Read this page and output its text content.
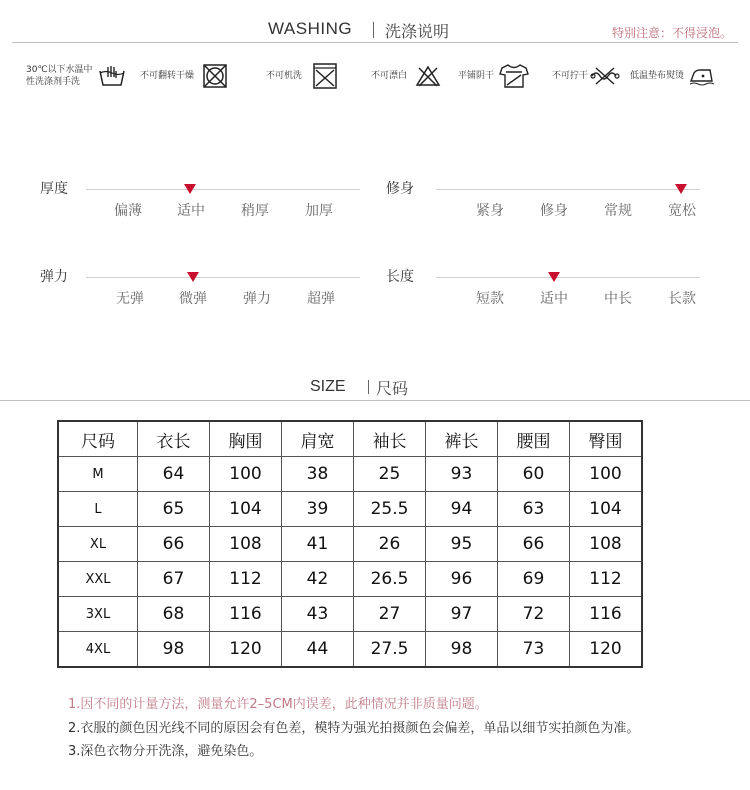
WASHING 洗涤说明	特别注意：不得浸泡。
30℃以下水温中
性洗涤剂手洗
不可翻转干燥	不可机洗	不可漂白	平铺阴干	不可拧干	低温垫布熨烫
厚度
偏薄	适中	稍厚	加厚
修身
紧身	修身	常规	宽松
弹力
无弹	微弹	弹力	超弹
长度
短款	适中	中长	长款
SIZE 尺码
尺码	衣长	胸围	肩宽	袖长	裤长	腰围	臀围
M	64	100	38	25	93	60	100
L	65	104	39	25.5	94	63	104
XL	66	108	41	26	95	66	108
XXL	67	112	42	26.5	96	69	112
3XL	68	116	43	27	97	72	116
4XL	98	120	44	27.5	98	73	120
1.因不同的计量方法，测量允许2–5CM内误差，此种情况并非质量问题。
2.衣服的颜色因光线不同的原因会有色差，模特为强光拍摄颜色会偏差，单品以细节实拍颜色为准。
3.深色衣物分开洗涤，避免染色。
